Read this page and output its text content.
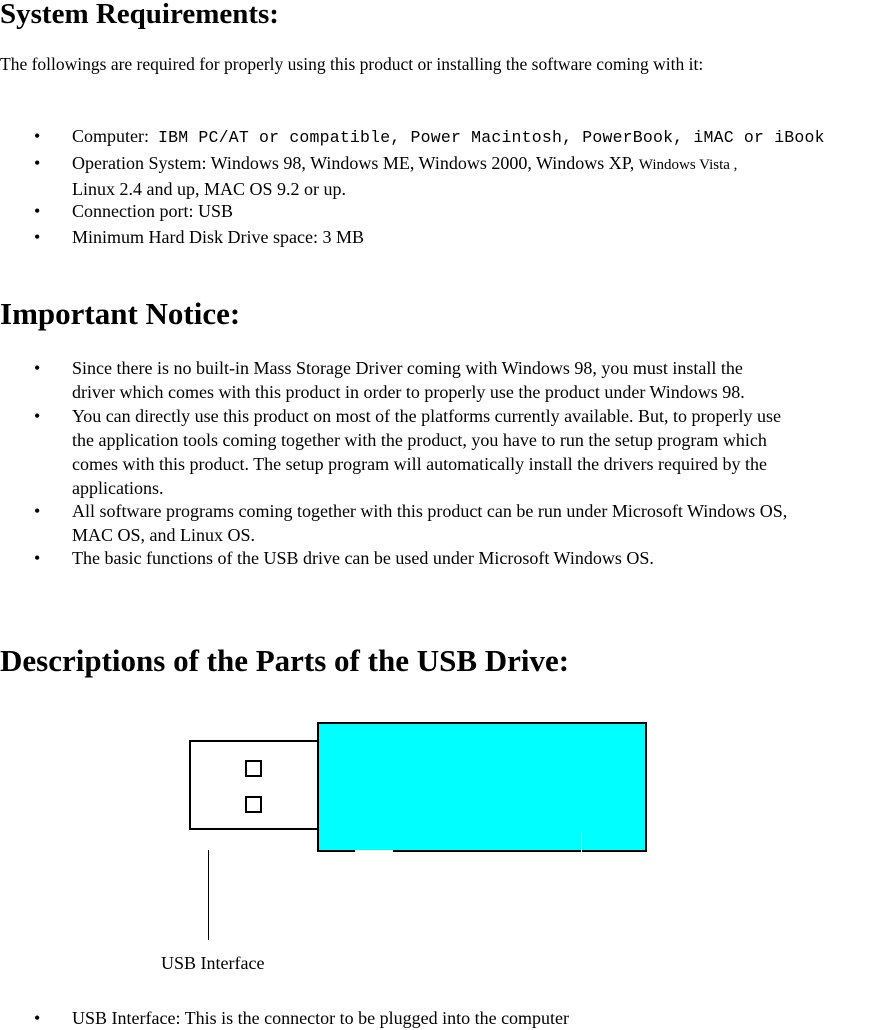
System Requirements:
The followings are required for properly using this product or installing the software coming with it:
• Computer: IBM PC/AT or compatible, Power Macintosh, PowerBook, iMAC or iBook
• Operation System: Windows 98, Windows ME, Windows 2000, Windows XP, Windows Vista ,
Linux 2.4 and up, MAC OS 9.2 or up.
• Connection port: USB
• Minimum Hard Disk Drive space: 3 MB
Important Notice:
• Since there is no built-in Mass Storage Driver coming with Windows 98, you must install the
driver which comes with this product in order to properly use the product under Windows 98.
• You can directly use this product on most of the platforms currently available. But, to properly use
the application tools coming together with the product, you have to run the setup program which
comes with this product. The setup program will automatically install the drivers required by the
applications.
• All software programs coming together with this product can be run under Microsoft Windows OS,
MAC OS, and Linux OS.
• The basic functions of the USB drive can be used under Microsoft Windows OS.
Descriptions of the Parts of the USB Drive:
USB Interface
• USB Interface: This is the connector to be plugged into the computer
